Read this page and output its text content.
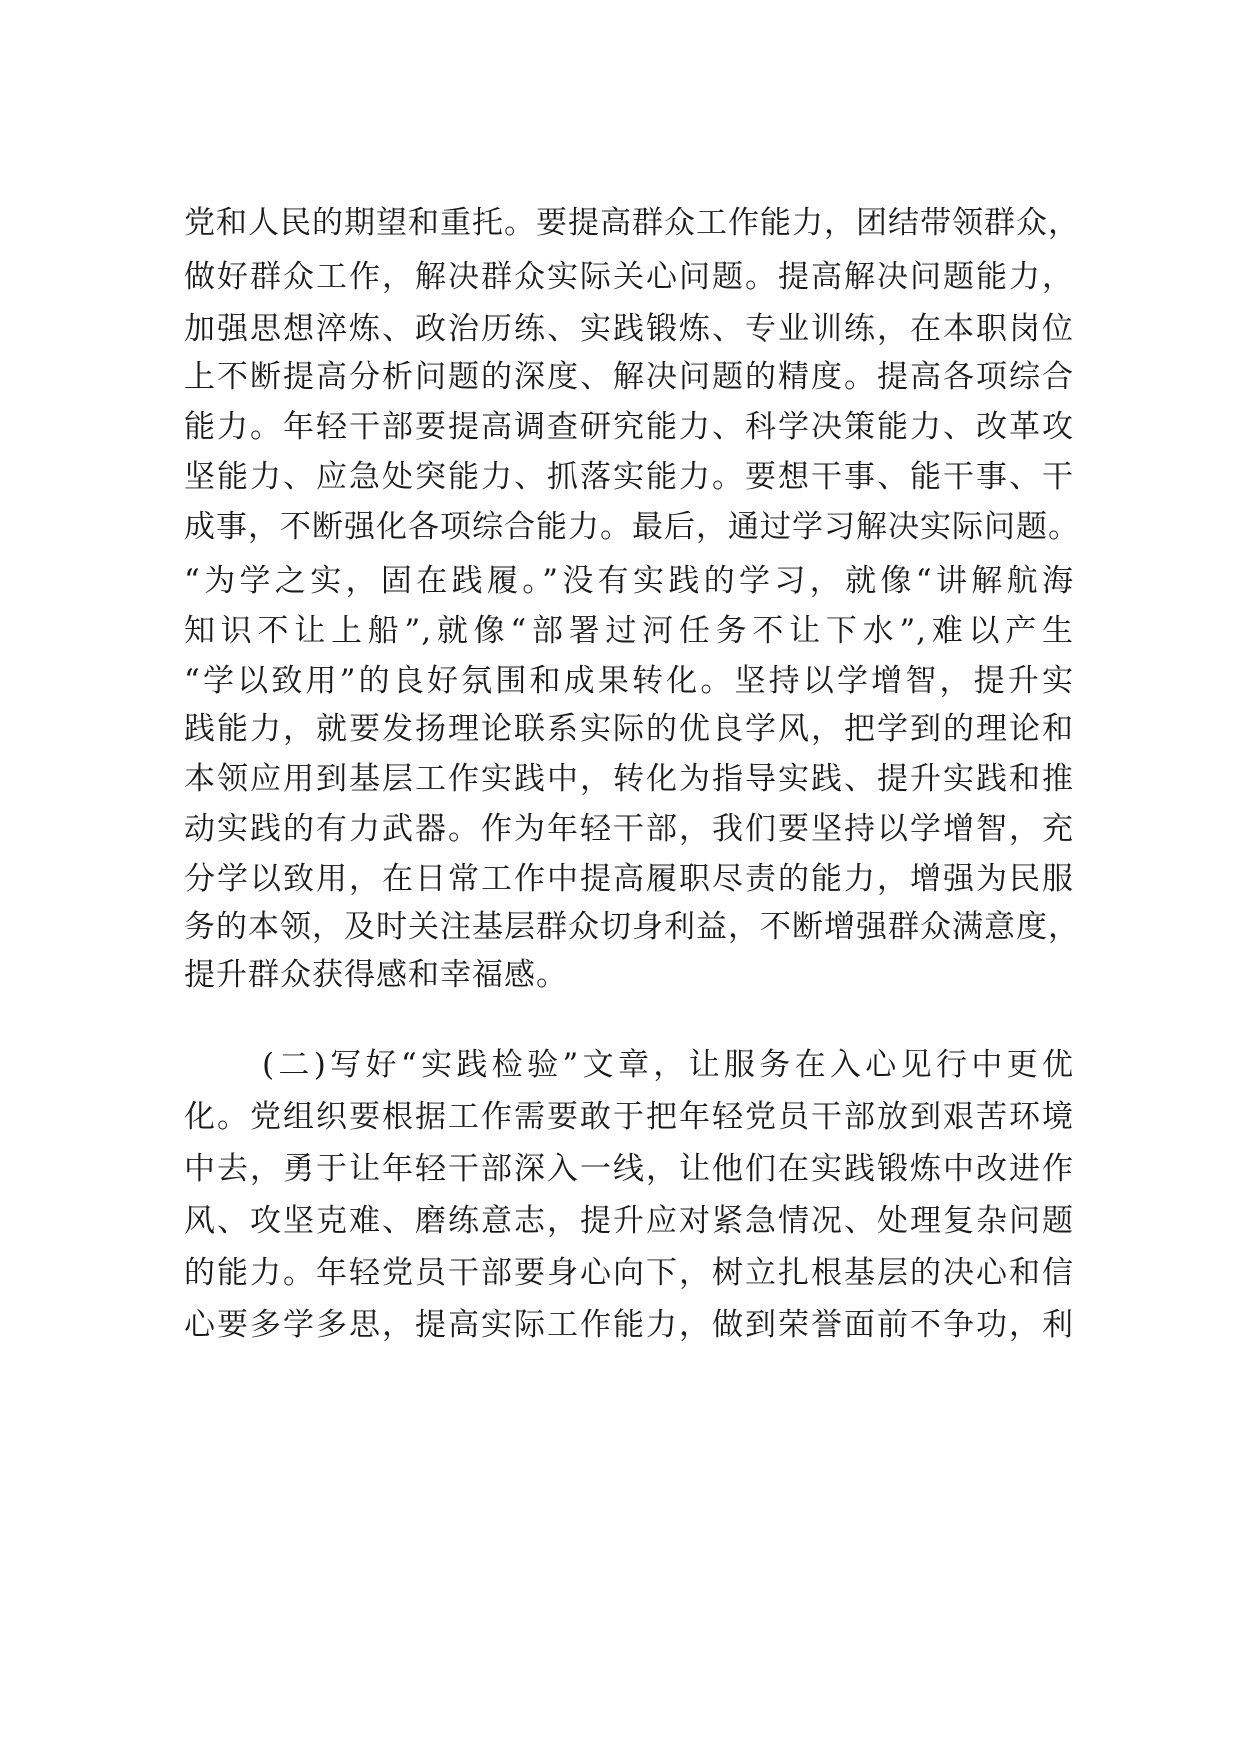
党和人民的期望和重托。要提高群众工作能力，团结带领群众，
做好群众工作，解决群众实际关心问题。提高解决问题能力，
加强思想淬炼、政治历练、实践锻炼、专业训练，在本职岗位
上不断提高分析问题的深度、解决问题的精度。提高各项综合
能力。年轻干部要提高调查研究能力、科学决策能力、改革攻
坚能力、应急处突能力、抓落实能力。要想干事、能干事、干
成事，不断强化各项综合能力。最后，通过学习解决实际问题。
“为学之实，固在践履。”没有实践的学习，就像“讲解航海
知识不让上船”,就像“部署过河任务不让下水”,难以产生
“学以致用”的良好氛围和成果转化。坚持以学增智，提升实
践能力，就要发扬理论联系实际的优良学风，把学到的理论和
本领应用到基层工作实践中，转化为指导实践、提升实践和推
动实践的有力武器。作为年轻干部，我们要坚持以学增智，充
分学以致用，在日常工作中提高履职尽责的能力，增强为民服
务的本领，及时关注基层群众切身利益，不断增强群众满意度，
提升群众获得感和幸福感。
(二)写好“实践检验”文章，让服务在入心见行中更优
化。党组织要根据工作需要敢于把年轻党员干部放到艰苦环境
中去，勇于让年轻干部深入一线，让他们在实践锻炼中改进作
风、攻坚克难、磨练意志，提升应对紧急情况、处理复杂问题
的能力。年轻党员干部要身心向下，树立扎根基层的决心和信
心要多学多思，提高实际工作能力，做到荣誉面前不争功，利
